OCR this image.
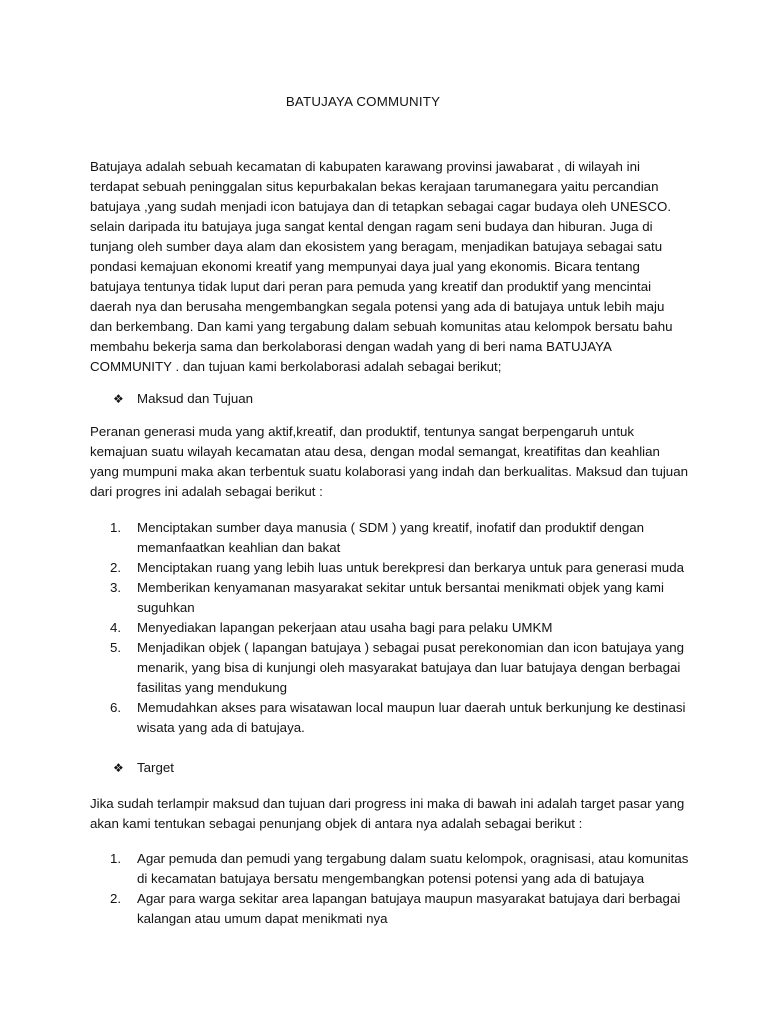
BATUJAYA COMMUNITY

Batujaya adalah sebuah kecamatan di kabupaten karawang provinsi jawabarat , di wilayah ini terdapat sebuah peninggalan situs kepurbakalan bekas kerajaan tarumanegara yaitu percandian batujaya ,yang sudah menjadi icon batujaya dan di tetapkan sebagai cagar budaya oleh UNESCO. selain daripada itu batujaya juga sangat kental dengan ragam seni budaya dan hiburan. Juga di tunjang oleh sumber daya alam dan ekosistem yang beragam, menjadikan batujaya sebagai satu pondasi kemajuan ekonomi kreatif yang mempunyai daya jual yang ekonomis. Bicara tentang batujaya tentunya tidak luput dari peran para pemuda yang kreatif dan produktif yang mencintai daerah nya dan berusaha mengembangkan segala potensi yang ada di batujaya untuk lebih maju dan berkembang. Dan kami yang tergabung dalam sebuah komunitas atau kelompok bersatu bahu membahu bekerja sama dan berkolaborasi dengan wadah yang di beri nama BATUJAYA COMMUNITY . dan tujuan kami berkolaborasi adalah sebagai berikut;

❖ Maksud dan Tujuan

Peranan generasi muda yang aktif,kreatif, dan produktif, tentunya sangat berpengaruh untuk kemajuan suatu wilayah kecamatan atau desa, dengan modal semangat, kreatifitas dan keahlian yang mumpuni maka akan terbentuk suatu kolaborasi yang indah dan berkualitas. Maksud dan tujuan dari progres ini adalah sebagai berikut :

1. Menciptakan sumber daya manusia ( SDM ) yang kreatif, inofatif dan produktif dengan memanfaatkan keahlian dan bakat
2. Menciptakan ruang yang lebih luas untuk berekpresi dan berkarya untuk para generasi muda
3. Memberikan kenyamanan masyarakat sekitar untuk bersantai menikmati objek yang kami suguhkan
4. Menyediakan lapangan pekerjaan atau usaha bagi para pelaku UMKM
5. Menjadikan objek ( lapangan batujaya ) sebagai pusat perekonomian dan icon batujaya yang menarik, yang bisa di kunjungi oleh masyarakat batujaya dan luar batujaya dengan berbagai fasilitas yang mendukung
6. Memudahkan akses para wisatawan local maupun luar daerah untuk berkunjung ke destinasi wisata yang ada di batujaya.
❖ Target

Jika sudah terlampir maksud dan tujuan dari progress ini maka di bawah ini adalah target pasar yang akan kami tentukan sebagai penunjang objek di antara nya adalah sebagai berikut :

1. Agar pemuda dan pemudi yang tergabung dalam suatu kelompok, oragnisasi, atau komunitas di kecamatan batujaya bersatu mengembangkan potensi potensi yang ada di batujaya
2. Agar para warga sekitar area lapangan batujaya maupun masyarakat batujaya dari berbagai kalangan atau umum dapat menikmati nya
